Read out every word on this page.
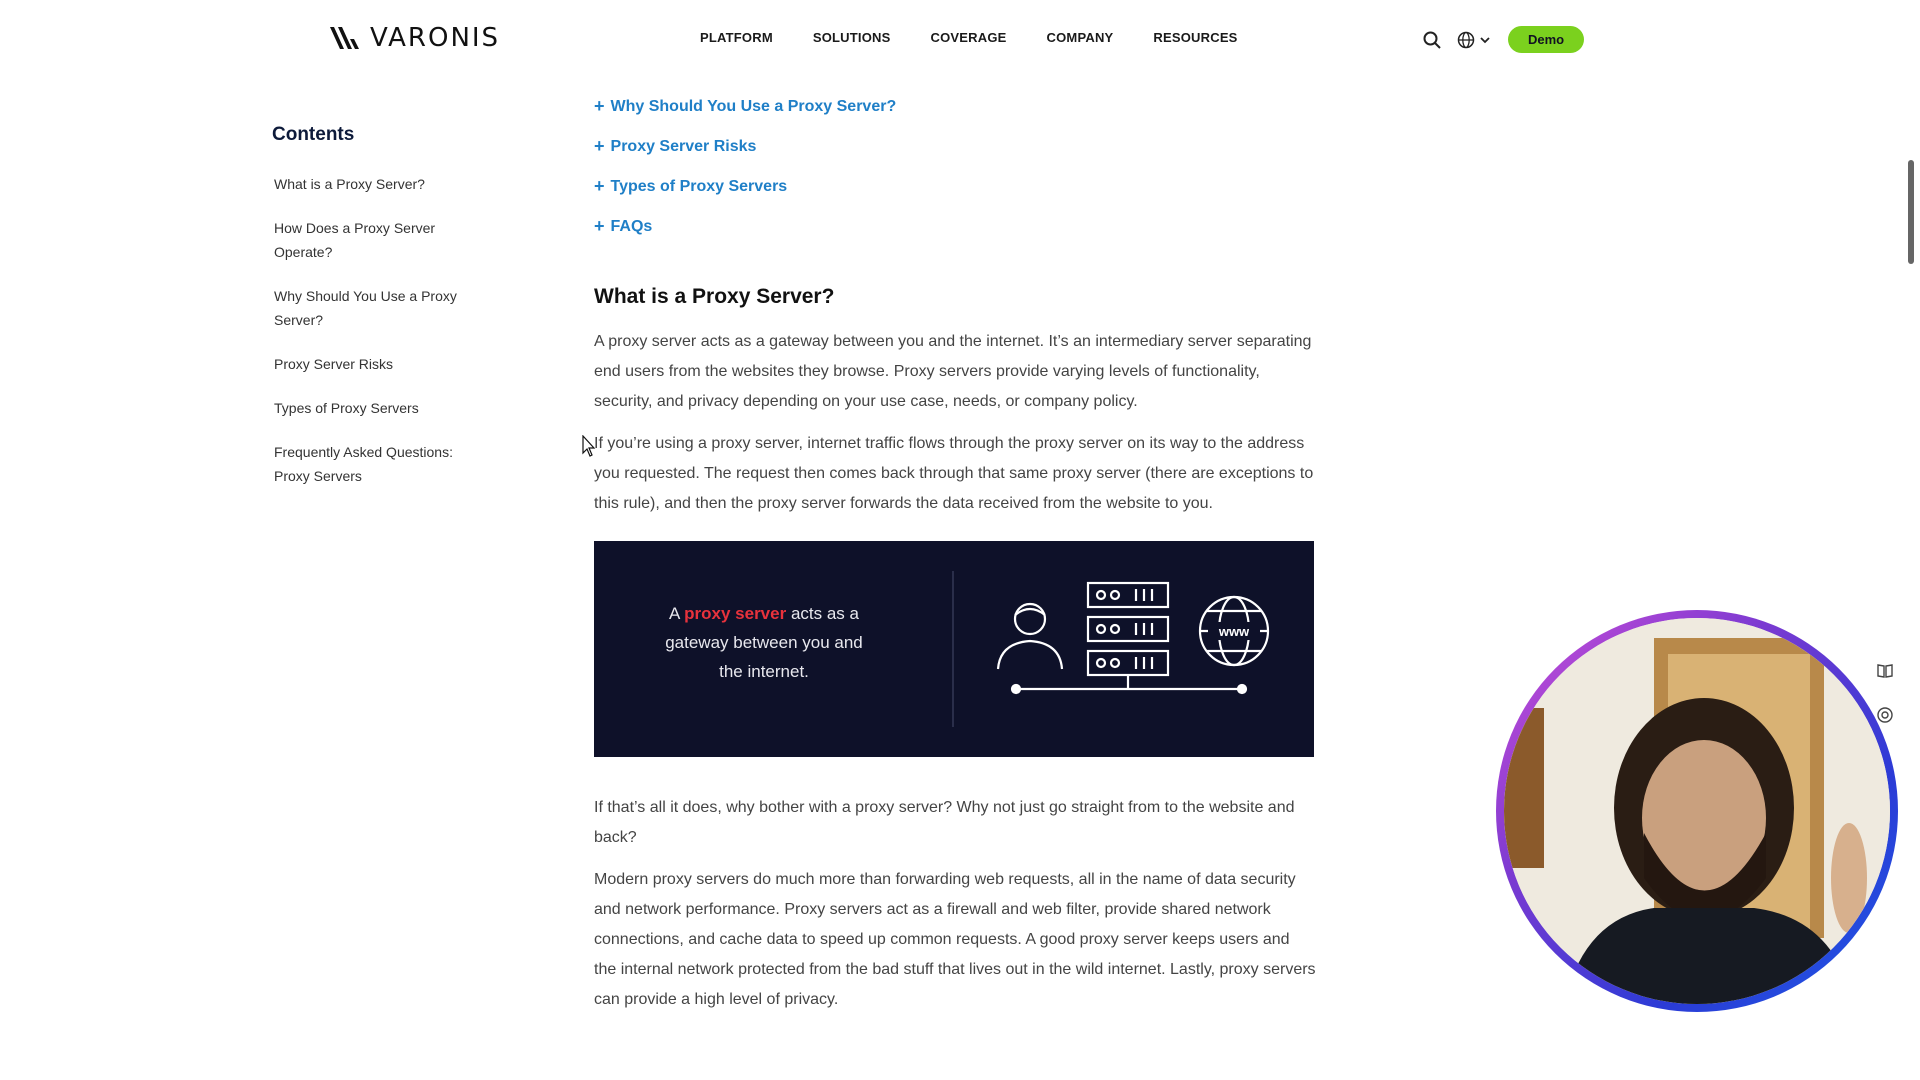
VARONIS	PLATFORM	SOLUTIONS	COVERAGE	COMPANY	RESOURCES	Demo
Contents
What is a Proxy Server?
How Does a Proxy Server Operate?
Why Should You Use a Proxy Server?
Proxy Server Risks
Types of Proxy Servers
Frequently Asked Questions: Proxy Servers
+ Why Should You Use a Proxy Server?
+ Proxy Server Risks
+ Types of Proxy Servers
+ FAQs
What is a Proxy Server?

A proxy server acts as a gateway between you and the internet. It’s an intermediary server separating end users from the websites they browse. Proxy servers provide varying levels of functionality, security, and privacy depending on your use case, needs, or company policy.

If you’re using a proxy server, internet traffic flows through the proxy server on its way to the address you requested. The request then comes back through that same proxy server (there are exceptions to this rule), and then the proxy server forwards the data received from the website to you.

A proxy server acts as a gateway between you and the internet.
www

If that’s all it does, why bother with a proxy server? Why not just go straight from to the website and back?

Modern proxy servers do much more than forwarding web requests, all in the name of data security and network performance. Proxy servers act as a firewall and web filter, provide shared network connections, and cache data to speed up common requests. A good proxy server keeps users and the internal network protected from the bad stuff that lives out in the wild internet. Lastly, proxy servers can provide a high level of privacy.
